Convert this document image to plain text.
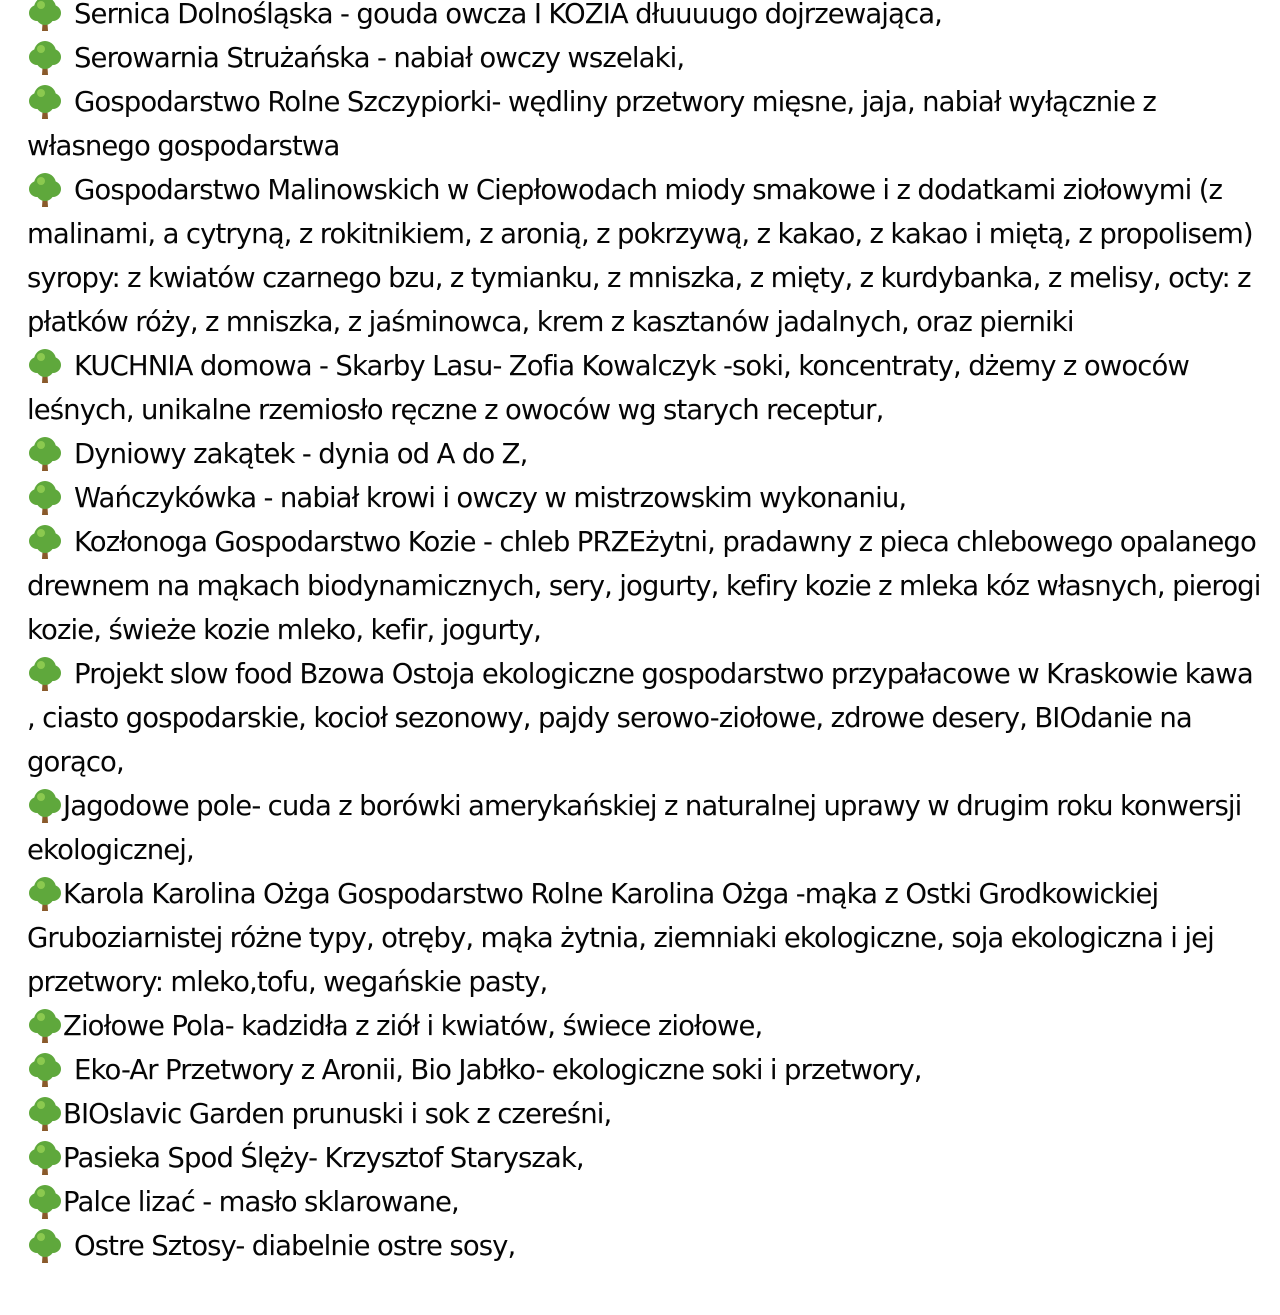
Sernica Dolnośląska - gouda owcza I KOZIA dłuuuugo dojrzewająca,
Serowarnia Strużańska - nabiał owczy wszelaki,
Gospodarstwo Rolne Szczypiorki- wędliny przetwory mięsne, jaja, nabiał wyłącznie z własnego gospodarstwa
Gospodarstwo Malinowskich w Ciepłowodach miody smakowe i z dodatkami ziołowymi (z malinami, a cytryną, z rokitnikiem, z aronią, z pokrzywą, z kakao, z kakao i miętą, z propolisem) syropy: z kwiatów czarnego bzu, z tymianku, z mniszka, z mięty, z kurdybanka, z melisy, octy: z płatków róży, z mniszka, z jaśminowca, krem z kasztanów jadalnych, oraz pierniki
KUCHNIA domowa - Skarby Lasu- Zofia Kowalczyk -soki, koncentraty, dżemy z owoców leśnych, unikalne rzemiosło ręczne z owoców wg starych receptur,
Dyniowy zakątek - dynia od A do Z,
Wańczykówka - nabiał krowi i owczy w mistrzowskim wykonaniu,
Kozłonoga Gospodarstwo Kozie - chleb PRZEżytni, pradawny z pieca chlebowego opalanego drewnem na mąkach biodynamicznych, sery, jogurty, kefiry kozie z mleka kóz własnych, pierogi kozie, świeże kozie mleko, kefir, jogurty,
Projekt slow food Bzowa Ostoja ekologiczne gospodarstwo przypałacowe w Kraskowie kawa , ciasto gospodarskie, kocioł sezonowy, pajdy serowo-ziołowe, zdrowe desery, BIOdanie na gorąco,
Jagodowe pole- cuda z borówki amerykańskiej z naturalnej uprawy w drugim roku konwersji ekologicznej,
Karola Karolina Ożga Gospodarstwo Rolne Karolina Ożga -mąka z Ostki Grodkowickiej Gruboziarnistej różne typy, otręby, mąka żytnia, ziemniaki ekologiczne, soja ekologiczna i jej przetwory: mleko,tofu, wegańskie pasty,
Ziołowe Pola- kadzidła z ziół i kwiatów, świece ziołowe,
Eko-Ar Przetwory z Aronii, Bio Jabłko- ekologiczne soki i przetwory,
BIOslavic Garden prunuski i sok z czereśni,
Pasieka Spod Ślęży- Krzysztof Staryszak,
Palce lizać - masło sklarowane,
Ostre Sztosy- diabelnie ostre sosy,
